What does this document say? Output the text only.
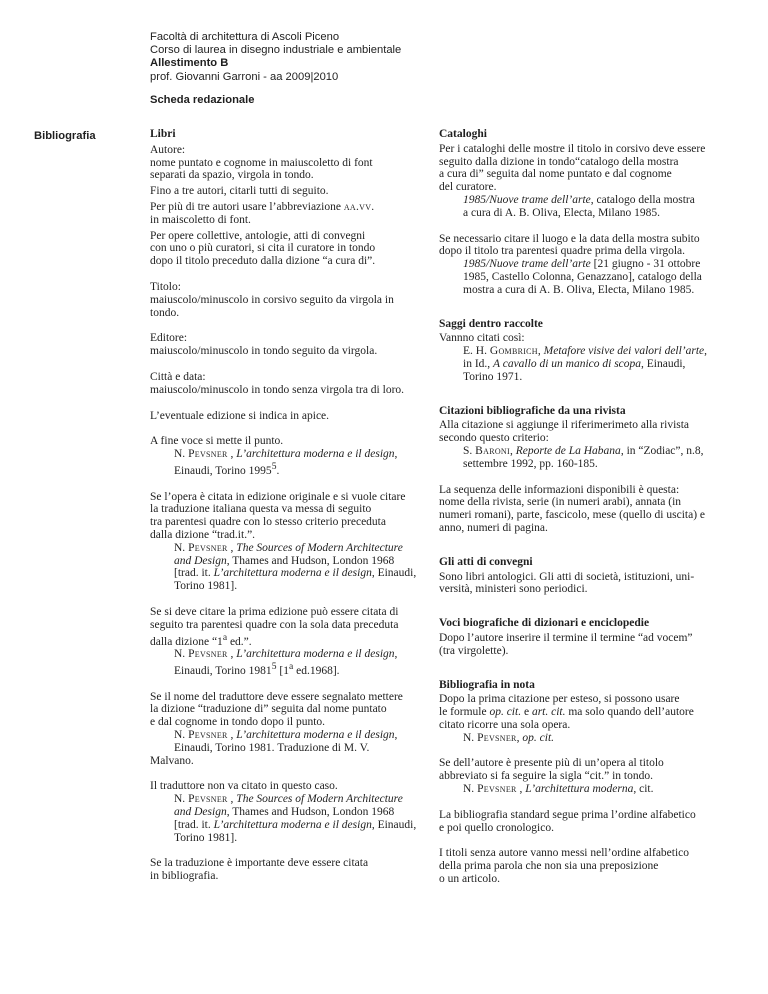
Facoltà di architettura di Ascoli Piceno
Corso di laurea in disegno industriale e ambientale
Allestimento B
prof. Giovanni Garroni - aa 2009|2010
Scheda redazionale
Bibliografia	Libri

Autore:
nome puntato e cognome in maiuscoletto di font
separati da spazio, virgola in tondo.

Fino a tre autori, citarli tutti di seguito.

Per più di tre autori usare l’abbreviazione aa.vv.
in maiscoletto di font.

Per opere collettive, antologie, atti di convegni
con uno o più curatori, si cita il curatore in tondo
dopo il titolo preceduto dalla dizione “a cura di”.

Titolo:
maiuscolo/minuscolo in corsivo seguito da virgola in tondo.

Editore:
maiuscolo/minuscolo in tondo seguito da virgola.

Città e data:
maiuscolo/minuscolo in tondo senza virgola tra di loro.

L’eventuale edizione si indica in apice.

A fine voce si mette il punto.

N. Pevsner , L’architettura moderna e il design,
Einaudi, Torino 1995$^5$.

Se l’opera è citata in edizione originale e si vuole citare
la traduzione italiana questa va messa di seguito
tra parentesi quadre con lo stesso criterio preceduta
dalla dizione “trad.it.”.

N. Pevsner , The Sources of Modern Architecture
and Design, Thames and Hudson, London 1968
[trad. it. L’architettura moderna e il design, Einaudi,
Torino 1981].

Se si deve citare la prima edizione può essere citata di
seguito tra parentesi quadre con la sola data preceduta
dalla dizione “1$^a$ ed.”.

N. Pevsner , L’architettura moderna e il design,
Einaudi, Torino 1981$^5$ [1$^a$ ed.1968].

Se il nome del traduttore deve essere segnalato mettere
la dizione “traduzione di” seguita dal nome puntato
e dal cognome in tondo dopo il punto.

N. Pevsner , L’architettura moderna e il design,
Einaudi, Torino 1981. Traduzione di M. V.
Malvano.

Il traduttore non va citato in questo caso.

N. Pevsner , The Sources of Modern Architecture
and Design, Thames and Hudson, London 1968
[trad. it. L’architettura moderna e il design, Einaudi,
Torino 1981].

Se la traduzione è importante deve essere citata
in bibliografia.

Cataloghi

Per i cataloghi delle mostre il titolo in corsivo deve essere
seguito dalla dizione in tondo“catalogo della mostra
a cura di” seguita dal nome puntato e dal cognome
del curatore.

1985/Nuove trame dell’arte, catalogo della mostra
a cura di A. B. Oliva, Electa, Milano 1985.

Se necessario citare il luogo e la data della mostra subito
dopo il titolo tra parentesi quadre prima della virgola.

1985/Nuove trame dell’arte [21 giugno - 31 ottobre
1985, Castello Colonna, Genazzano], catalogo della
mostra a cura di A. B. Oliva, Electa, Milano 1985.

Saggi dentro raccolte

Vannno citati così:

E. H. Gombrich, Metafore visive dei valori dell’arte,
in Id., A cavallo di un manico di scopa, Einaudi,
Torino 1971.

Citazioni bibliografiche da una rivista

Alla citazione si aggiunge il riferimerimeto alla rivista
secondo questo criterio:

S. Baroni, Reporte de La Habana, in “Zodiac”, n.8,
settembre 1992, pp. 160-185.

La sequenza delle informazioni disponibili è questa:
nome della rivista, serie (in numeri arabi), annata (in
numeri romani), parte, fascicolo, mese (quello di uscita) e
anno, numeri di pagina.

Gli atti di convegni

Sono libri antologici. Gli atti di società, istituzioni, uni-
versità, ministeri sono periodici.

Voci biografiche di dizionari e enciclopedie

Dopo l’autore inserire il termine il termine “ad vocem”
(tra virgolette).

Bibliografia in nota

Dopo la prima citazione per esteso, si possono usare
le formule op. cit. e art. cit. ma solo quando dell’autore
citato ricorre una sola opera.

N. Pevsner, op. cit.

Se dell’autore è presente più di un’opera al titolo
abbreviato si fa seguire la sigla “cit.” in tondo.

N. Pevsner , L’architettura moderna, cit.

La bibliografia standard segue prima l’ordine alfabetico
e poi quello cronologico.

I titoli senza autore vanno messi nell’ordine alfabetico
della prima parola che non sia una preposizione
o un articolo.
